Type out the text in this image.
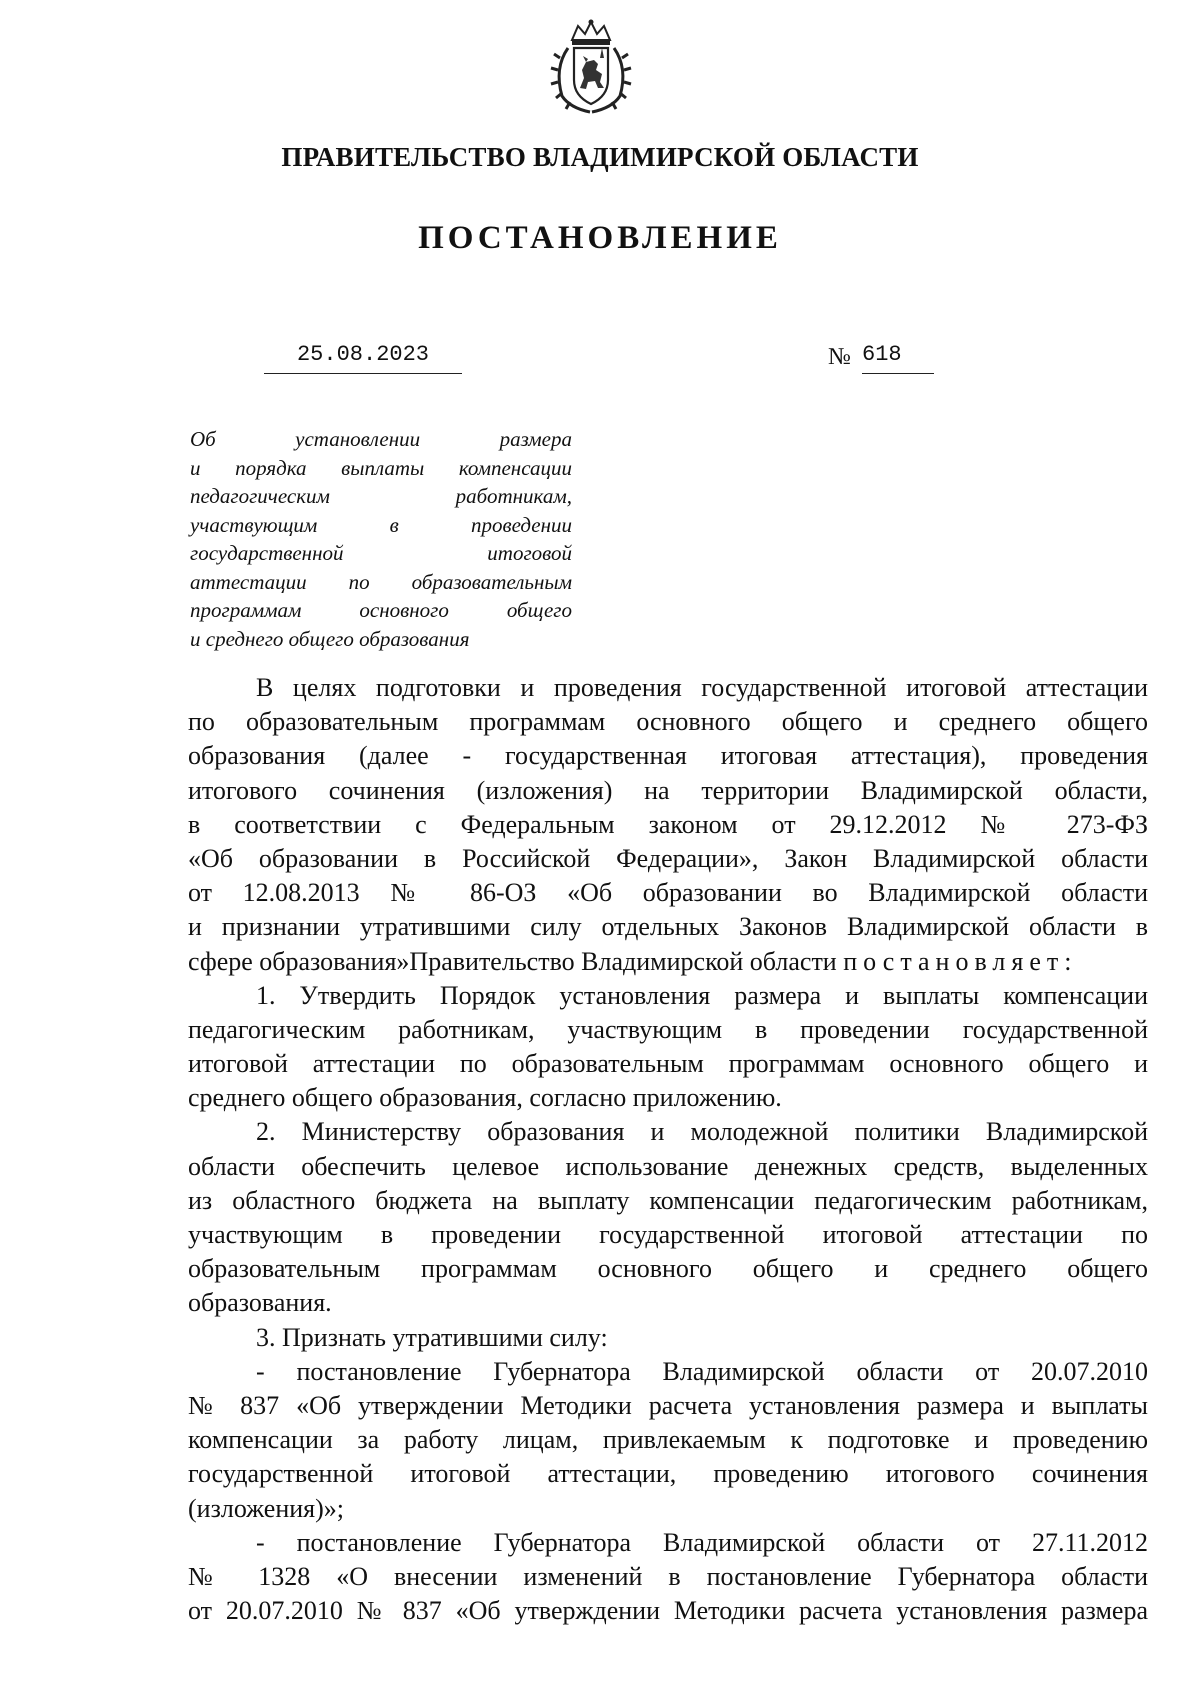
ПРАВИТЕЛЬСТВО ВЛАДИМИРСКОЙ ОБЛАСТИ
ПОСТАНОВЛЕНИЕ
25.08.2023	№ 618
Об установлении размера
и порядка выплаты компенсации
педагогическим работникам,
участвующим в проведении
государственной итоговой
аттестации по образовательным
программам основного общего
и среднего общего образования
В целях подготовки и проведения государственной итоговой аттестации
по образовательным программам основного общего и среднего общего
образования (далее - государственная итоговая аттестация), проведения
итогового сочинения (изложения) на территории Владимирской области,
в соответствии с Федеральным законом от 29.12.2012 № 273-ФЗ
«Об образовании в Российской Федерации», Закон Владимирской области
от 12.08.2013 № 86-ОЗ «Об образовании во Владимирской области
и признании утратившими силу отдельных Законов Владимирской области в
сфере образования»Правительство Владимирской области постановляет:
1. Утвердить Порядок установления размера и выплаты компенсации
педагогическим работникам, участвующим в проведении государственной
итоговой аттестации по образовательным программам основного общего и
среднего общего образования, согласно приложению.
2. Министерству образования и молодежной политики Владимирской
области обеспечить целевое использование денежных средств, выделенных
из областного бюджета на выплату компенсации педагогическим работникам,
участвующим в проведении государственной итоговой аттестации по
образовательным программам основного общего и среднего общего
образования.
3. Признать утратившими силу:
- постановление Губернатора Владимирской области от 20.07.2010
№ 837 «Об утверждении Методики расчета установления размера и выплаты
компенсации за работу лицам, привлекаемым к подготовке и проведению
государственной итоговой аттестации, проведению итогового сочинения
(изложения)»;
- постановление Губернатора Владимирской области от 27.11.2012
№ 1328 «О внесении изменений в постановление Губернатора области
от 20.07.2010 № 837 «Об утверждении Методики расчета установления размера
